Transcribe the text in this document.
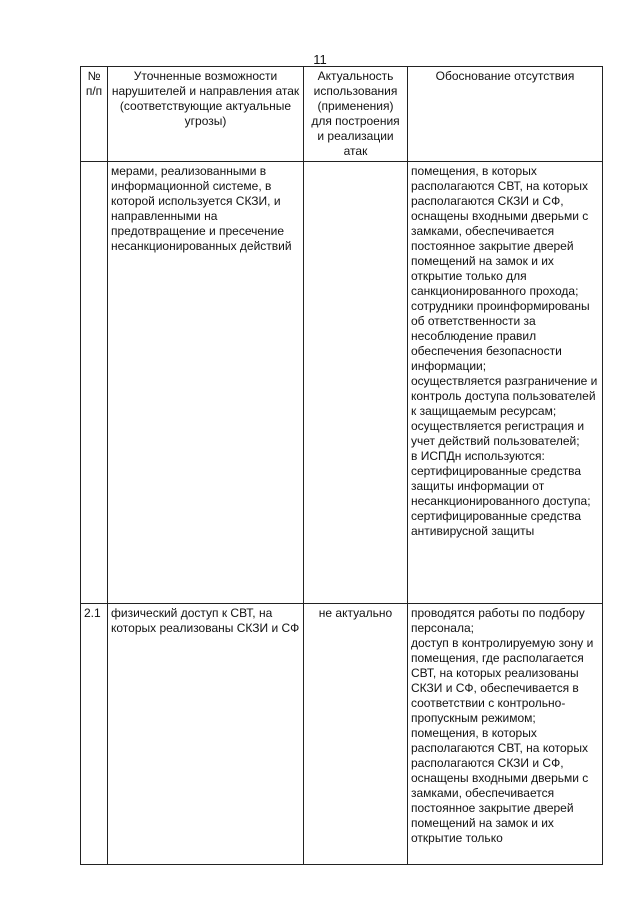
11
№
п/п	Уточненные возможности нарушителей и направления атак (соответствующие актуальные угрозы)	Актуальность использования (применения) для построения и реализации атак	Обоснование отсутствия
	мерами, реализованными в информационной системе, в которой используется СКЗИ, и направленными на предотвращение и пресечение несанкционированных действий		помещения, в которых располагаются СВТ, на которых располагаются СКЗИ и СФ, оснащены входными дверьми с замками, обеспечивается постоянное закрытие дверей помещений на замок и их открытие только для санкционированного прохода; сотрудники проинформированы об ответственности за несоблюдение правил обеспечения безопасности информации;
осуществляется разграничение и контроль доступа пользователей к защищаемым ресурсам;
осуществляется регистрация и учет действий пользователей;
в ИСПДн используются: сертифицированные средства защиты информации от несанкционированного доступа; сертифицированные средства антивирусной защиты
2.1	физический доступ к СВТ, на которых реализованы СКЗИ и СФ	не актуально	проводятся работы по подбору персонала;
доступ в контролируемую зону и помещения, где располагается СВТ, на которых реализованы СКЗИ и СФ, обеспечивается в соответствии с контрольно-пропускным режимом;
помещения, в которых располагаются СВТ, на которых располагаются СКЗИ и СФ, оснащены входными дверьми с замками, обеспечивается постоянное закрытие дверей помещений на замок и их открытие только
